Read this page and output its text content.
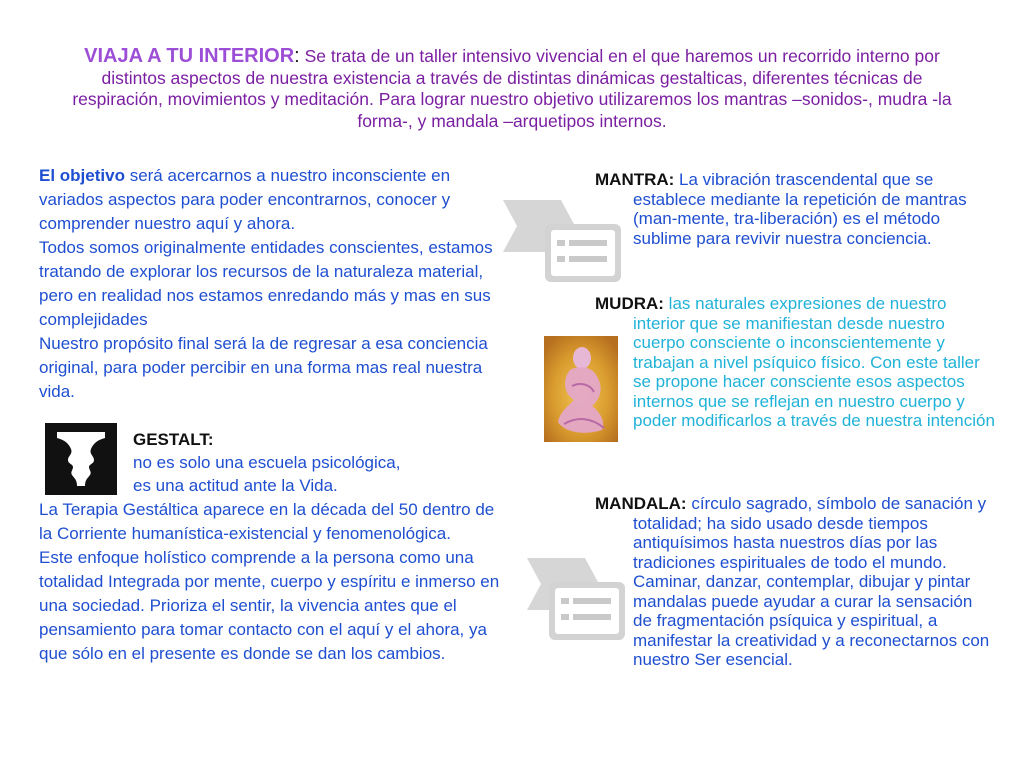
VIAJA A TU INTERIOR: Se trata de un taller intensivo vivencial en el que haremos un recorrido interno por distintos aspectos de nuestra existencia a través de distintas dinámicas gestalticas, diferentes técnicas de respiración, movimientos y meditación. Para lograr nuestro objetivo utilizaremos los mantras –sonidos-, mudra -la forma-, y mandala –arquetipos internos.

El objetivo será acercarnos a nuestro inconsciente en variados aspectos para poder encontrarnos, conocer y comprender nuestro aquí y ahora.

Todos somos originalmente entidades conscientes, estamos tratando de explorar los recursos de la naturaleza material, pero en realidad nos estamos enredando más y mas en sus complejidades

Nuestro propósito final será la de regresar a esa conciencia original, para poder percibir en una forma mas real nuestra vida.

GESTALT:

no es solo una escuela psicológica,

es una actitud ante la Vida.

La Terapia Gestáltica aparece en la década del 50 dentro de la Corriente humanística-existencial y fenomenológica.

Este enfoque holístico comprende a la persona como una totalidad Integrada por mente, cuerpo y espíritu e inmerso en una sociedad. Prioriza el sentir, la vivencia antes que el pensamiento para tomar contacto con el aquí y el ahora, ya que sólo en el presente es donde se dan los cambios.

MANTRA: La vibración trascendental que se establece mediante la repetición de mantras (man-mente, tra-liberación) es el método sublime para revivir nuestra conciencia.

MUDRA: las naturales expresiones de nuestro interior que se manifiestan desde nuestro cuerpo consciente o inconscientemente y trabajan a nivel psíquico físico. Con este taller se propone hacer consciente esos aspectos internos que se reflejan en nuestro cuerpo y poder modificarlos a través de nuestra intención

MANDALA: círculo sagrado, símbolo de sanación y totalidad; ha sido usado desde tiempos antiquísimos hasta nuestros días por las tradiciones espirituales de todo el mundo. Caminar, danzar, contemplar, dibujar y pintar mandalas puede ayudar a curar la sensación de fragmentación psíquica y espiritual, a manifestar la creatividad y a reconectarnos con nuestro Ser esencial.
